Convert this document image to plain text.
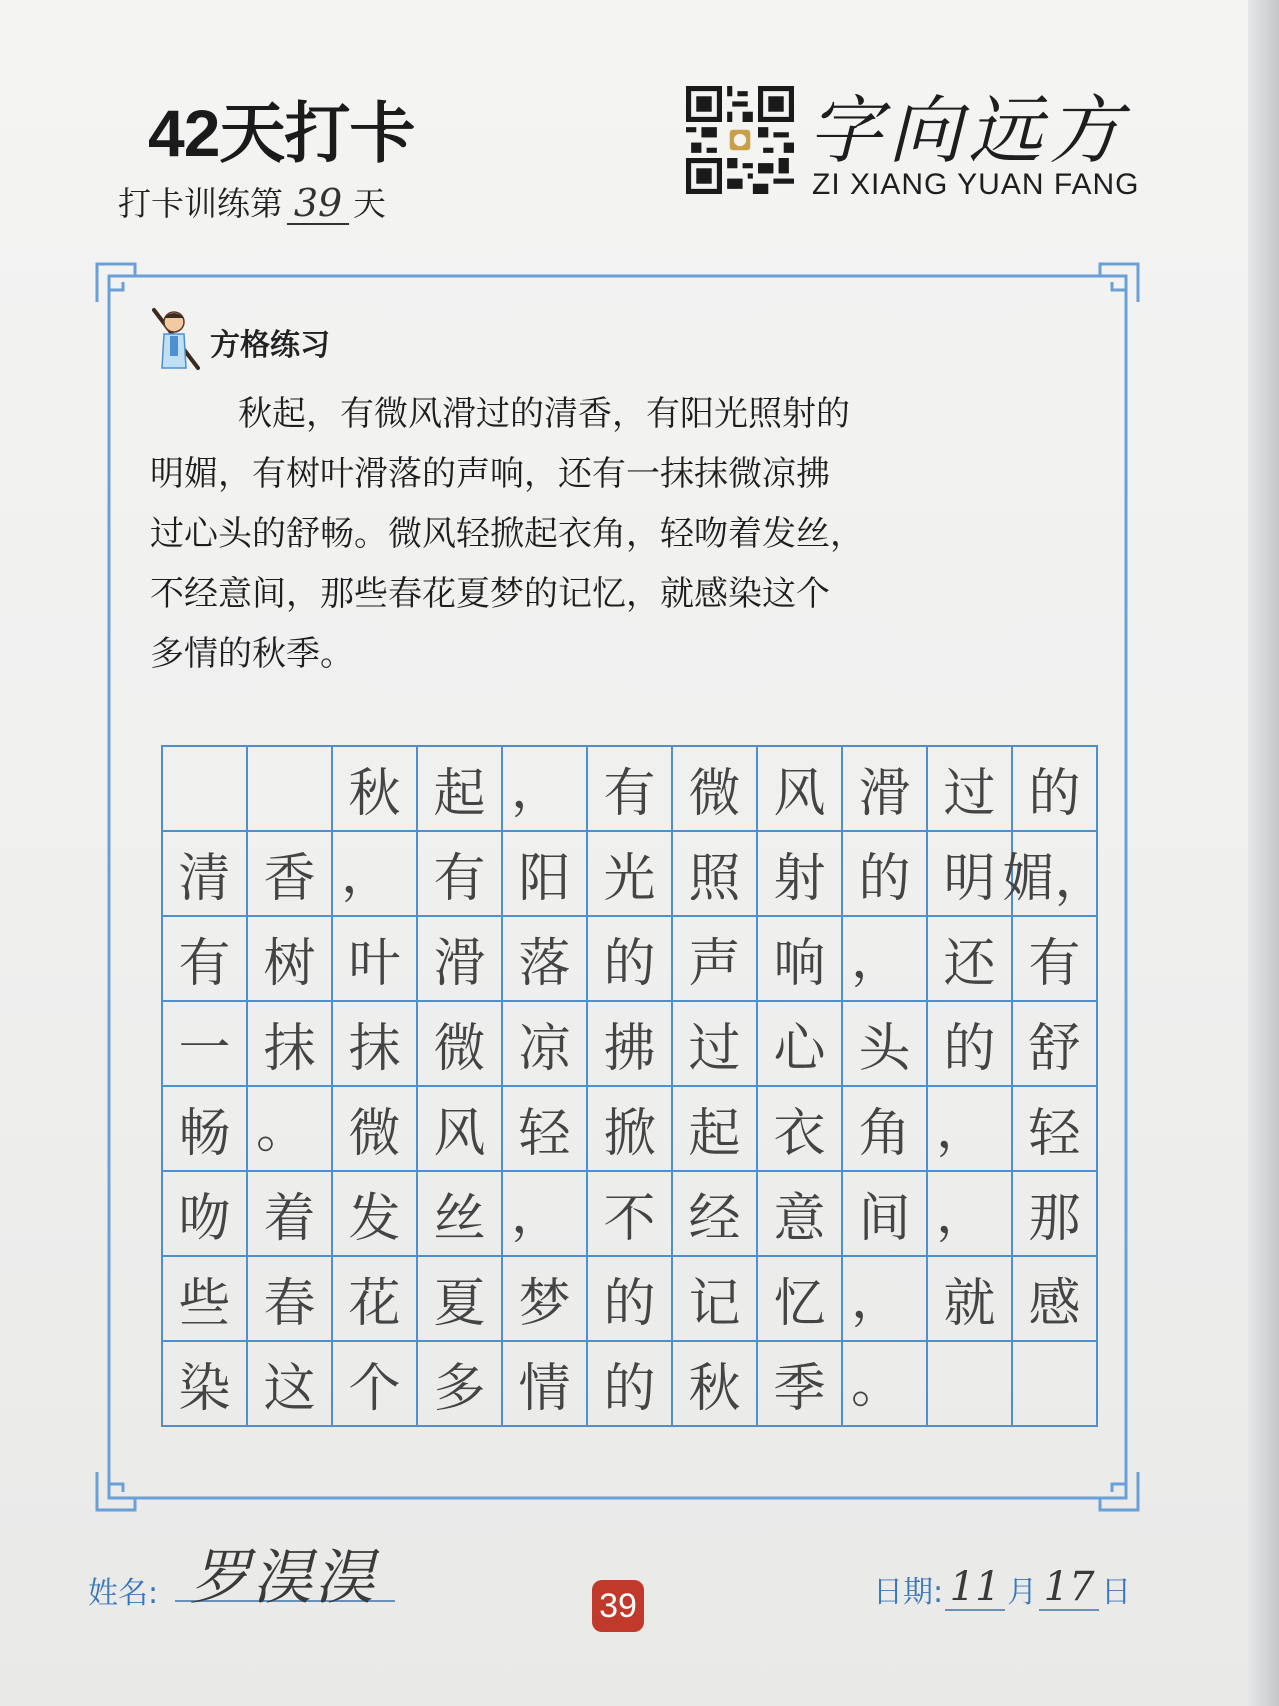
42天打卡
打卡训练第 39 天
字向远方
ZI XIANG YUAN FANG
方格练习
秋起，有微风滑过的清香，有阳光照射的
明媚，有树叶滑落的声响，还有一抹抹微凉拂
过心头的舒畅。微风轻掀起衣角，轻吻着发丝，
不经意间，那些春花夏梦的记忆，就感染这个
多情的秋季。
秋 起 ， 有 微 风 滑 过 的
清 香 ， 有 阳 光 照 射 的 明 媚，
有 树 叶 滑 落 的 声 响 ， 还 有
一 抹 抹 微 凉 拂 过 心 头 的 舒
畅 。 微 风 轻 掀 起 衣 角 ， 轻
吻 着 发 丝 ， 不 经 意 间 ， 那
些 春 花 夏 梦 的 记 忆 ， 就 感
染 这 个 多 情 的 秋 季 。
姓名: 罗淏淏	39	日期: 11 月 17 日
